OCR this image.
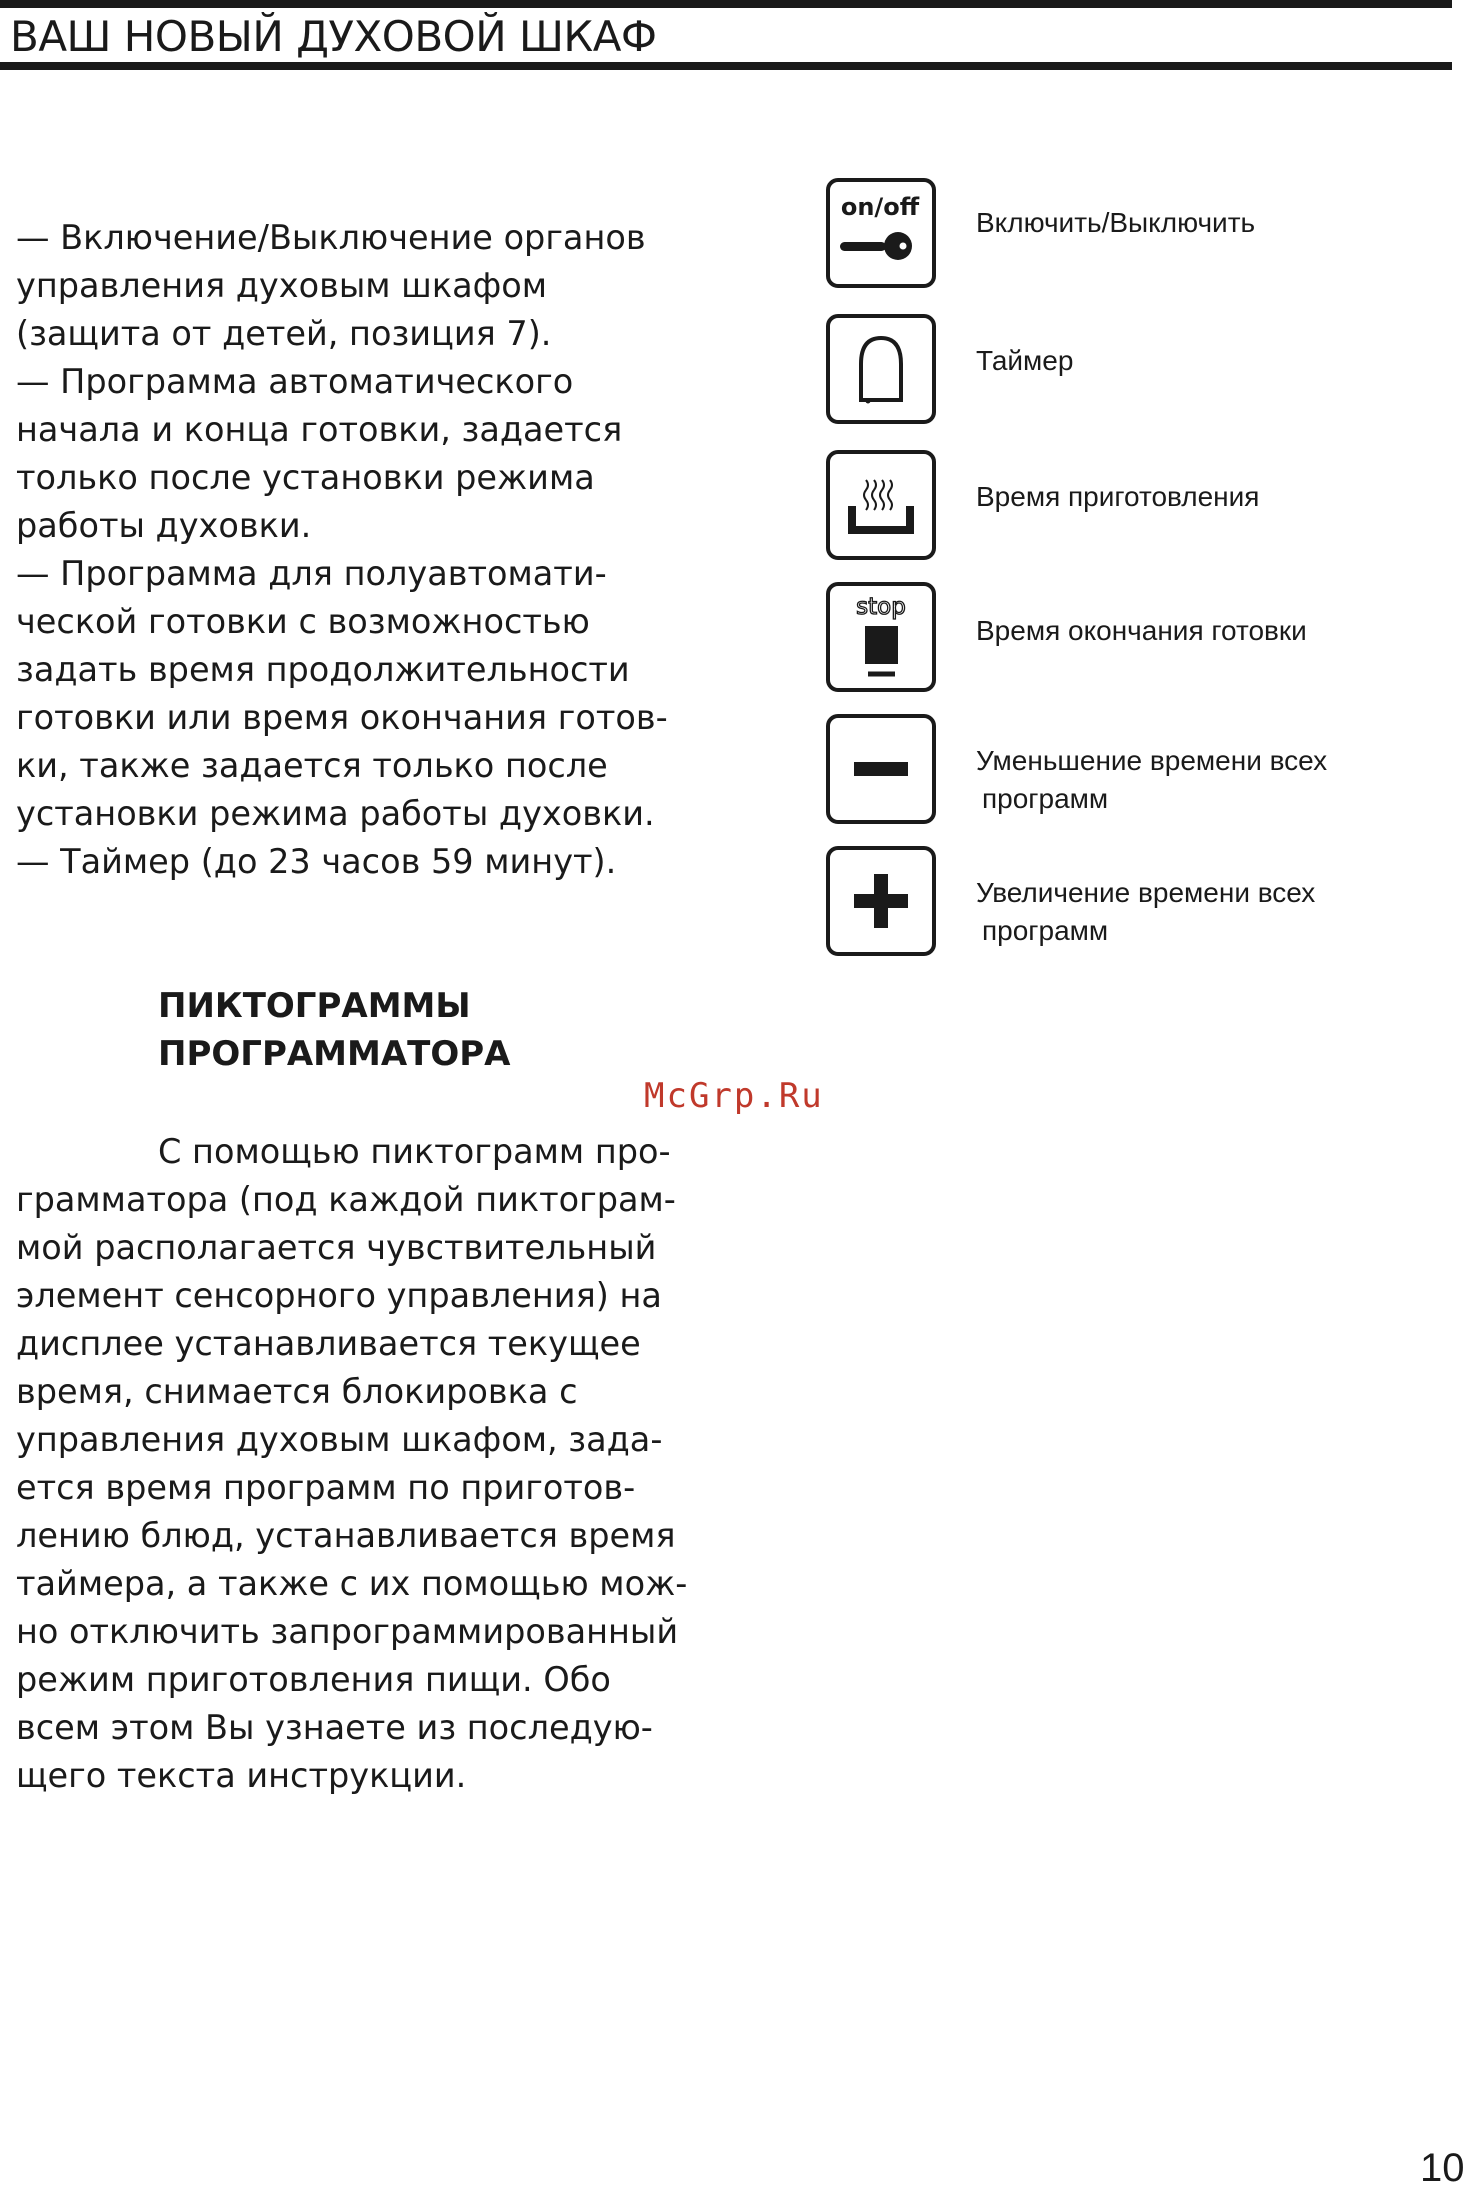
ВАШ НОВЫЙ ДУХОВОЙ ШКАФ
— Включение/Выключение органов
управления духовым шкафом
(защита от детей, позиция 7).
— Программа автоматического
начала и конца готовки, задается
только после установки режима
работы духовки.
— Программа для полуавтомати-
ческой готовки с возможностью
задать время продолжительности
готовки или время окончания готов-
ки, также задается только после
установки режима работы духовки.
— Таймер (до 23 часов 59 минут).
ПИКТОГРАММЫ
ПРОГРАММАТОРА
McGrp.Ru
С помощью пиктограмм про-
грамматора (под каждой пиктограм-
мой располагается чувствительный
элемент сенсорного управления) на
дисплее устанавливается текущее
время, снимается блокировка с
управления духовым шкафом, зада-
ется время программ по приготов-
лению блюд, устанавливается время
таймера, а также с их помощью мож-
но отключить запрограммированный
режим приготовления пищи. Обо
всем этом Вы узнаете из последую-
щего текста инструкции.
on/off Включить/Выключить
Таймер
Время приготовления
stop
Время окончания готовки
Уменьшение времени всех
программ
Увеличение времени всех
программ
10
